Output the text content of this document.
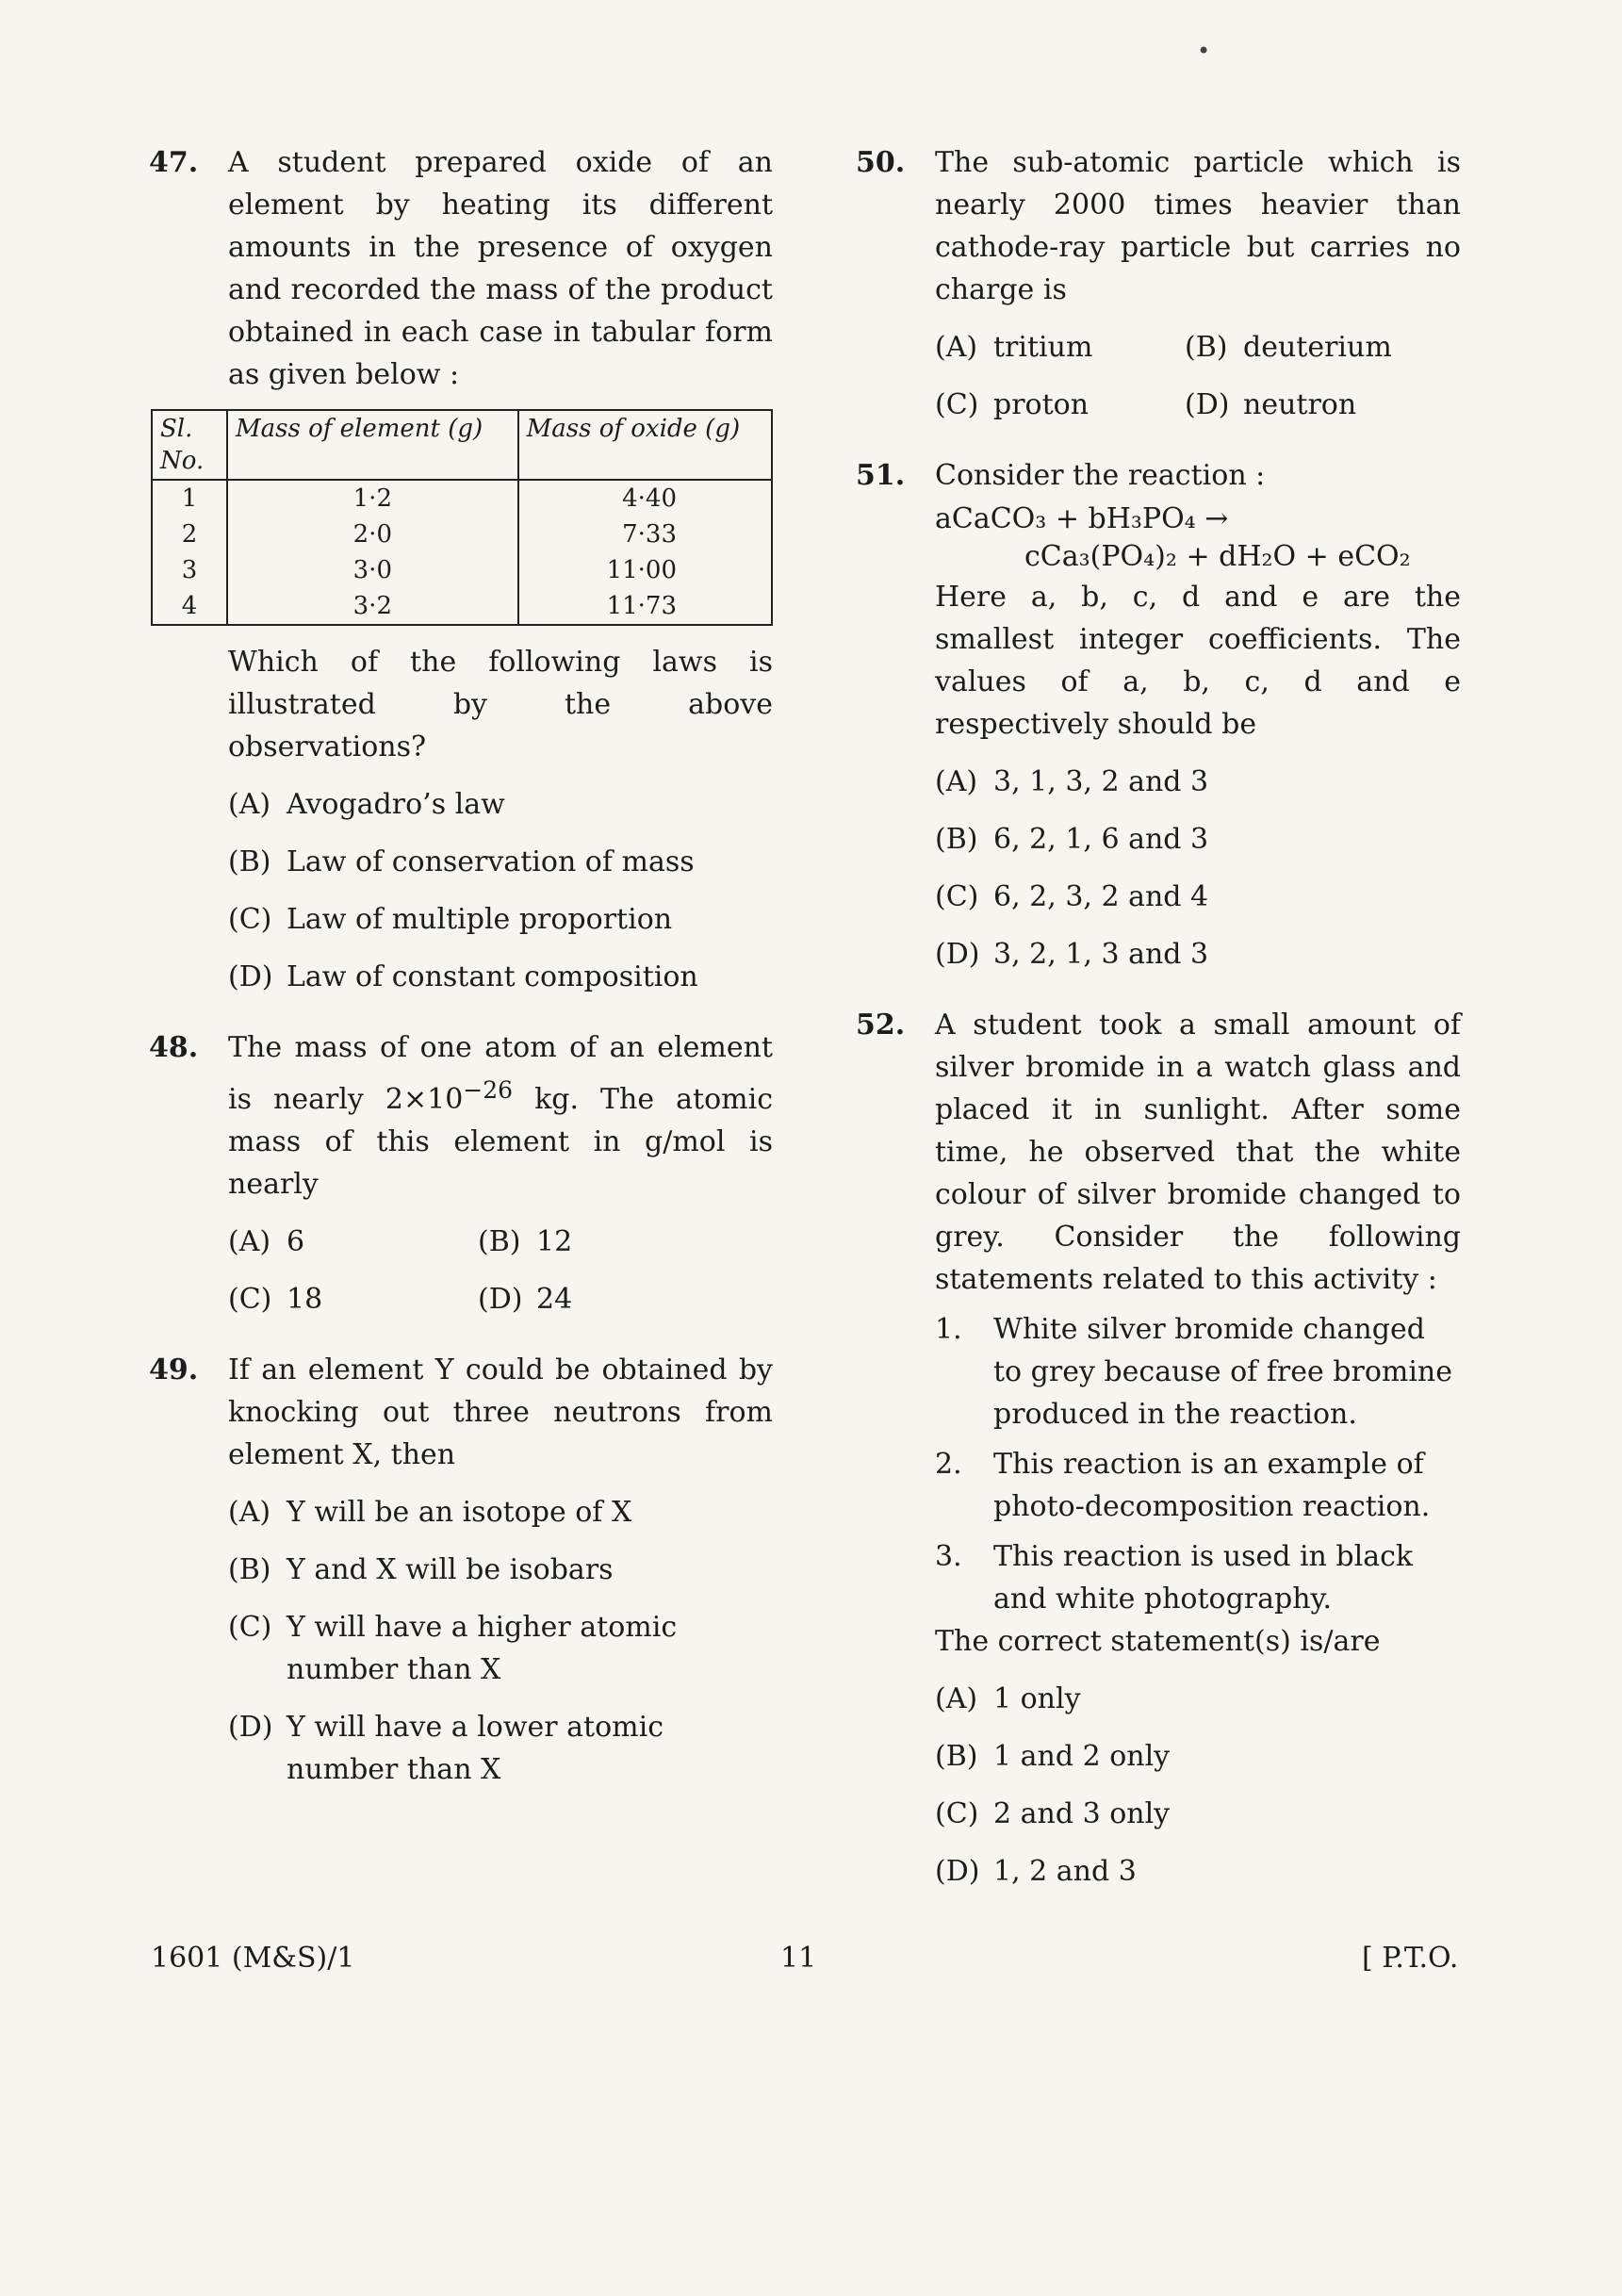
•
47.	A student prepared oxide of an element by heating its different amounts in the presence of oxygen and recorded the mass of the product obtained in each case in tabular form as given below :
Sl. No.	Mass of element (g)	Mass of oxide (g)
1	1·2	4·40
2	2·0	7·33
3	3·0	11·00
4	3·2	11·73
Which of the following laws is illustrated by the above observations?
(A) Avogadro’s law
(B) Law of conservation of mass
(C) Law of multiple proportion
(D) Law of constant composition
48.	The mass of one atom of an element is nearly $2\times 10^{-26}$ kg. The atomic mass of this element in g/mol is nearly
(A) 6	(B) 12
(C) 18	(D) 24
49.	If an element Y could be obtained by knocking out three neutrons from element X, then
(A) Y will be an isotope of X
(B) Y and X will be isobars
(C) Y will have a higher atomic number than X
(D) Y will have a lower atomic number than X
50.	The sub-atomic particle which is nearly 2000 times heavier than cathode-ray particle but carries no charge is
(A) tritium	(B) deuterium
(C) proton	(D) neutron
51.	Consider the reaction :
aCaCO₃ + bH₃PO₄ →
cCa₃(PO₄)₂ + dH₂O + eCO₂
Here a, b, c, d and e are the smallest integer coefficients. The values of a, b, c, d and e respectively should be
(A) 3, 1, 3, 2 and 3
(B) 6, 2, 1, 6 and 3
(C) 6, 2, 3, 2 and 4
(D) 3, 2, 1, 3 and 3
52.	A student took a small amount of silver bromide in a watch glass and placed it in sunlight. After some time, he observed that the white colour of silver bromide changed to grey. Consider the following statements related to this activity :
1.	White silver bromide changed to grey because of free bromine produced in the reaction.
2.	This reaction is an example of photo-decomposition reaction.
3.	This reaction is used in black and white photography.
The correct statement(s) is/are
(A) 1 only
(B) 1 and 2 only
(C) 2 and 3 only
(D) 1, 2 and 3
1601 (M&S)/1	11	[ P.T.O.
